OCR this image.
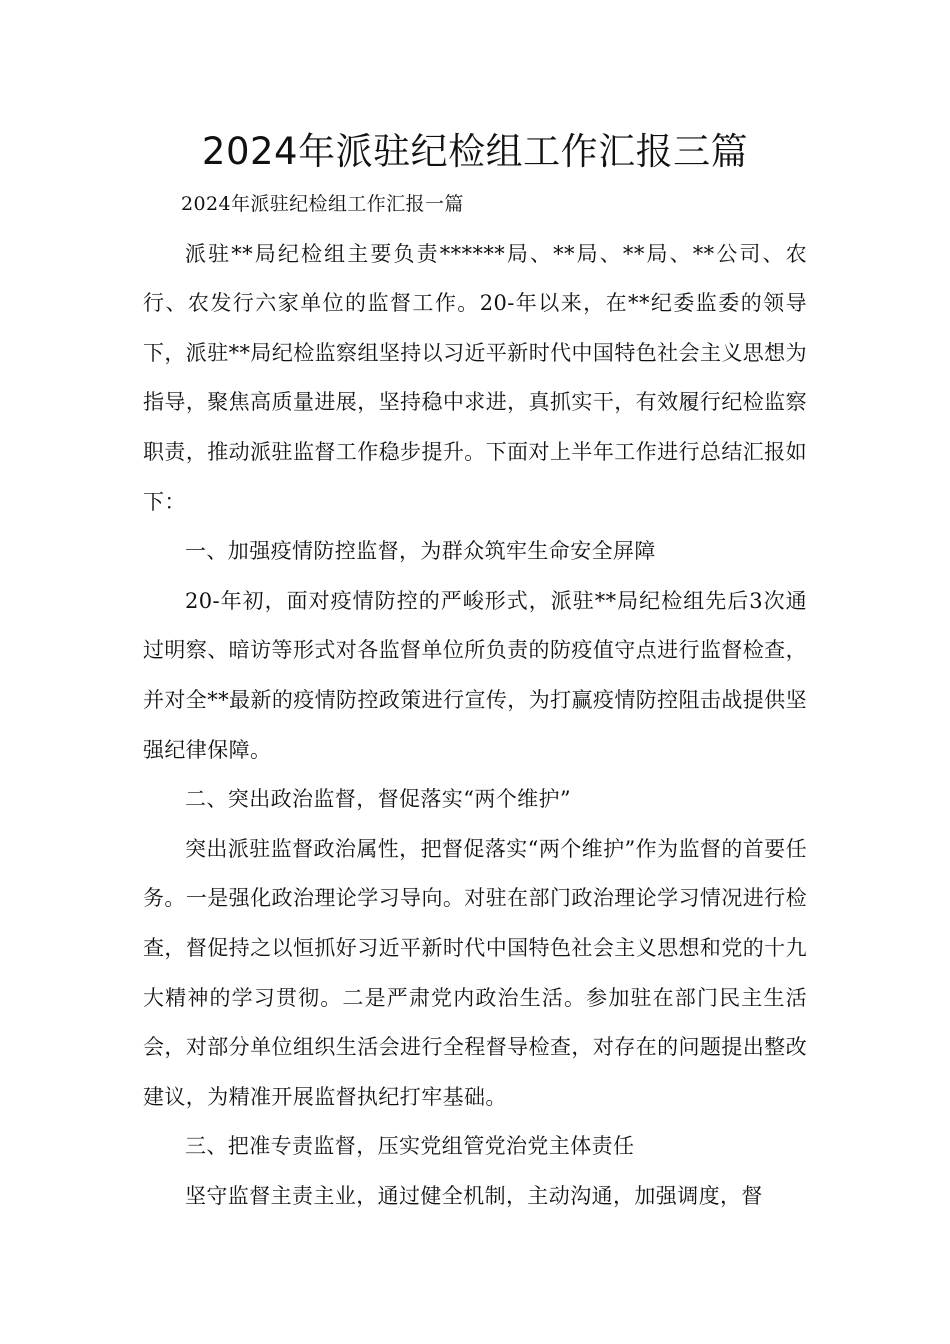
2024年派驻纪检组工作汇报三篇

2024年派驻纪检组工作汇报一篇

派驻**局纪检组主要负责******局、**局、**局、**公司、农行、农发行六家单位的监督工作。20-年以来，在**纪委监委的领导下，派驻**局纪检监察组坚持以习近平新时代中国特色社会主义思想为指导，聚焦高质量进展，坚持稳中求进，真抓实干，有效履行纪检监察职责，推动派驻监督工作稳步提升。下面对上半年工作进行总结汇报如下：

一、加强疫情防控监督，为群众筑牢生命安全屏障

20-年初，面对疫情防控的严峻形式，派驻**局纪检组先后3次通过明察、暗访等形式对各监督单位所负责的防疫值守点进行监督检查，并对全**最新的疫情防控政策进行宣传，为打赢疫情防控阻击战提供坚强纪律保障。

二、突出政治监督，督促落实“两个维护”

突出派驻监督政治属性，把督促落实“两个维护”作为监督的首要任务。一是强化政治理论学习导向。对驻在部门政治理论学习情况进行检查，督促持之以恒抓好习近平新时代中国特色社会主义思想和党的十九大精神的学习贯彻。二是严肃党内政治生活。参加驻在部门民主生活会，对部分单位组织生活会进行全程督导检查，对存在的问题提出整改建议，为精准开展监督执纪打牢基础。

三、把准专责监督，压实党组管党治党主体责任

坚守监督主责主业，通过健全机制，主动沟通，加强调度，督
